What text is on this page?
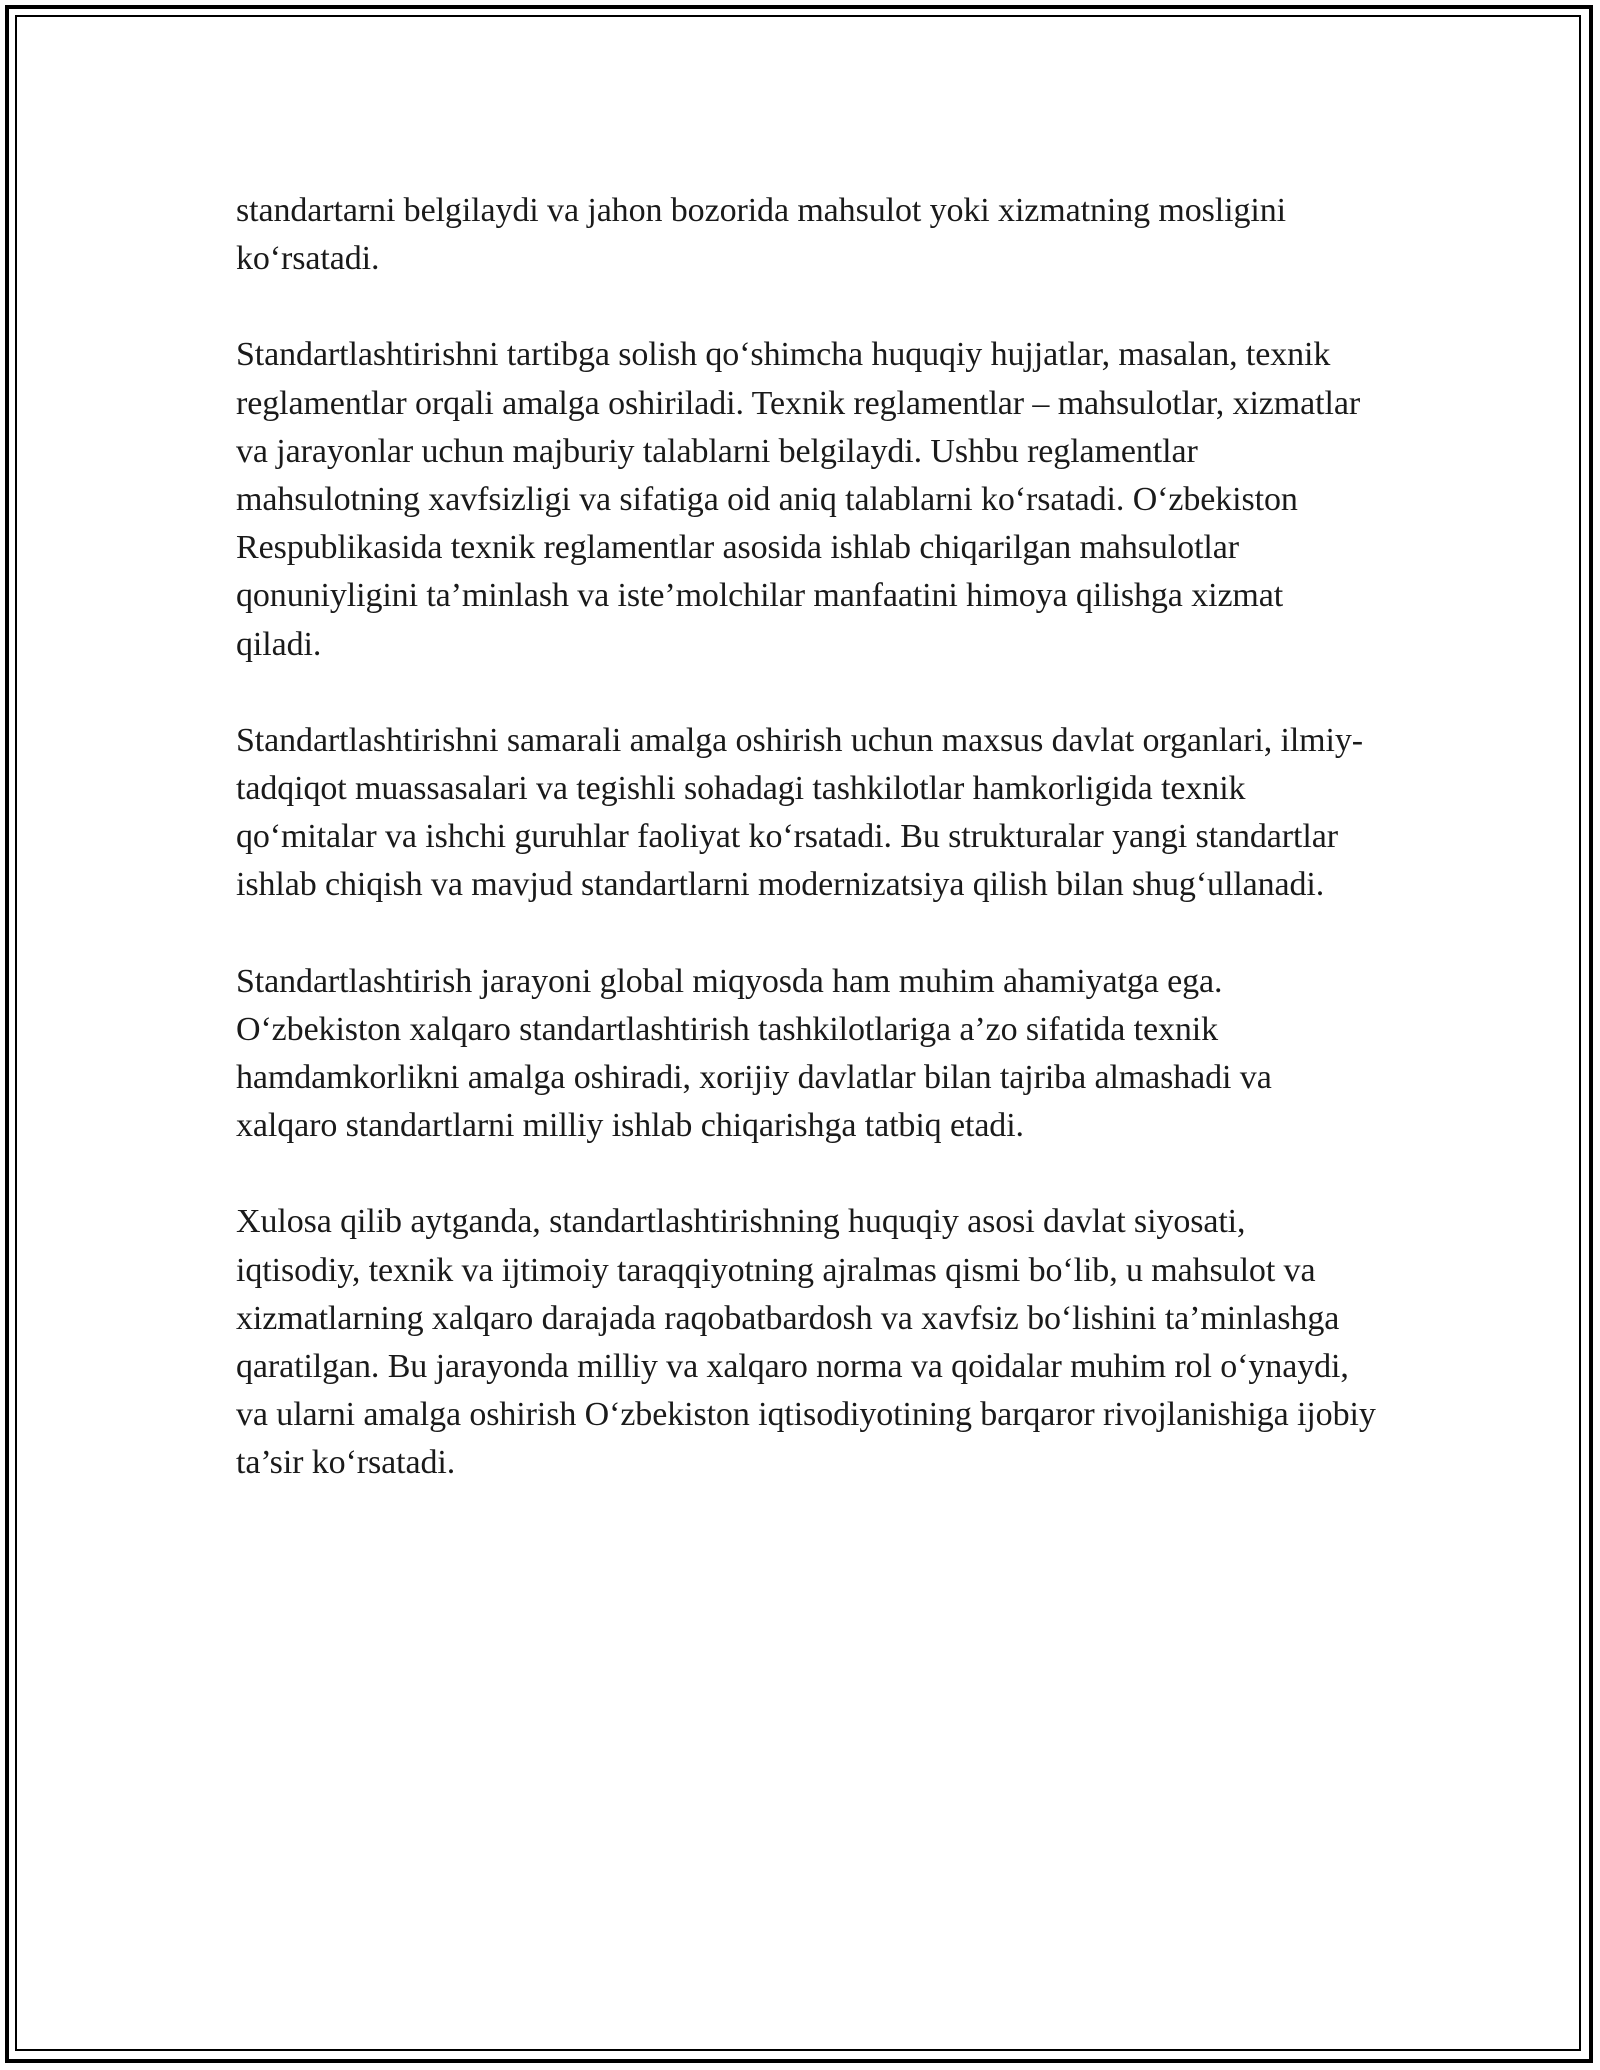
standartarni belgilaydi va jahon bozorida mahsulot yoki xizmatning mosligini ko‘rsatadi.

Standartlashtirishni tartibga solish qo‘shimcha huquqiy hujjatlar, masalan, texnik reglamentlar orqali amalga oshiriladi. Texnik reglamentlar – mahsulotlar, xizmatlar va jarayonlar uchun majburiy talablarni belgilaydi. Ushbu reglamentlar mahsulotning xavfsizligi va sifatiga oid aniq talablarni ko‘rsatadi. O‘zbekiston Respublikasida texnik reglamentlar asosida ishlab chiqarilgan mahsulotlar qonuniyligini ta’minlash va iste’molchilar manfaatini himoya qilishga xizmat qiladi.

Standartlashtirishni samarali amalga oshirish uchun maxsus davlat organlari, ilmiy-tadqiqot muassasalari va tegishli sohadagi tashkilotlar hamkorligida texnik qo‘mitalar va ishchi guruhlar faoliyat ko‘rsatadi. Bu strukturalar yangi standartlar ishlab chiqish va mavjud standartlarni modernizatsiya qilish bilan shug‘ullanadi.

Standartlashtirish jarayoni global miqyosda ham muhim ahamiyatga ega. O‘zbekiston xalqaro standartlashtirish tashkilotlariga a’zo sifatida texnik hamdamkorlikni amalga oshiradi, xorijiy davlatlar bilan tajriba almashadi va xalqaro standartlarni milliy ishlab chiqarishga tatbiq etadi.

Xulosa qilib aytganda, standartlashtirishning huquqiy asosi davlat siyosati, iqtisodiy, texnik va ijtimoiy taraqqiyotning ajralmas qismi bo‘lib, u mahsulot va xizmatlarning xalqaro darajada raqobatbardosh va xavfsiz bo‘lishini ta’minlashga qaratilgan. Bu jarayonda milliy va xalqaro norma va qoidalar muhim rol o‘ynaydi, va ularni amalga oshirish O‘zbekiston iqtisodiyotining barqaror rivojlanishiga ijobiy ta’sir ko‘rsatadi.
